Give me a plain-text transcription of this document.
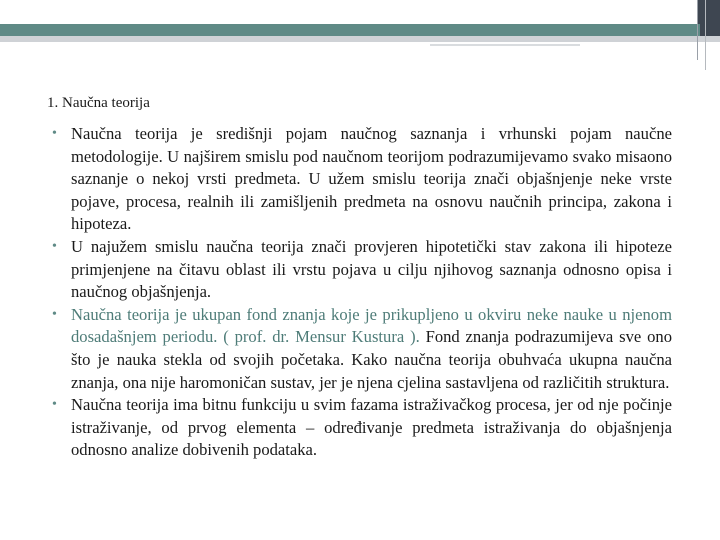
1. Naučna teorija
• Naučna teorija je središnji pojam naučnog saznanja i vrhunski pojam naučne metodologije. U najširem smislu pod naučnom teorijom podrazumijevamo svako misaono saznanje o nekoj vrsti predmeta. U užem smislu teorija znači objašnjenje neke vrste pojave, procesa, realnih ili zamišljenih predmeta na osnovu naučnih principa, zakona i hipoteza.
• U najužem smislu naučna teorija znači provjeren hipotetički stav zakona ili hipoteze primjenjene na čitavu oblast ili vrstu pojava u cilju njihovog saznanja odnosno opisa i naučnog objašnjenja.
• Naučna teorija je ukupan fond znanja koje je prikupljeno u okviru neke nauke u njenom dosadašnjem periodu. ( prof. dr. Mensur Kustura ). Fond znanja podrazumijeva sve ono što je nauka stekla od svojih početaka. Kako naučna teorija obuhvaća ukupna naučna znanja, ona nije haromoničan sustav, jer je njena cjelina sastavljena od različitih struktura.
• Naučna teorija ima bitnu funkciju u svim fazama istraživačkog procesa, jer od nje počinje istraživanje, od prvog elementa – određivanje predmeta istraživanja do objašnjenja odnosno analize dobivenih podataka.
